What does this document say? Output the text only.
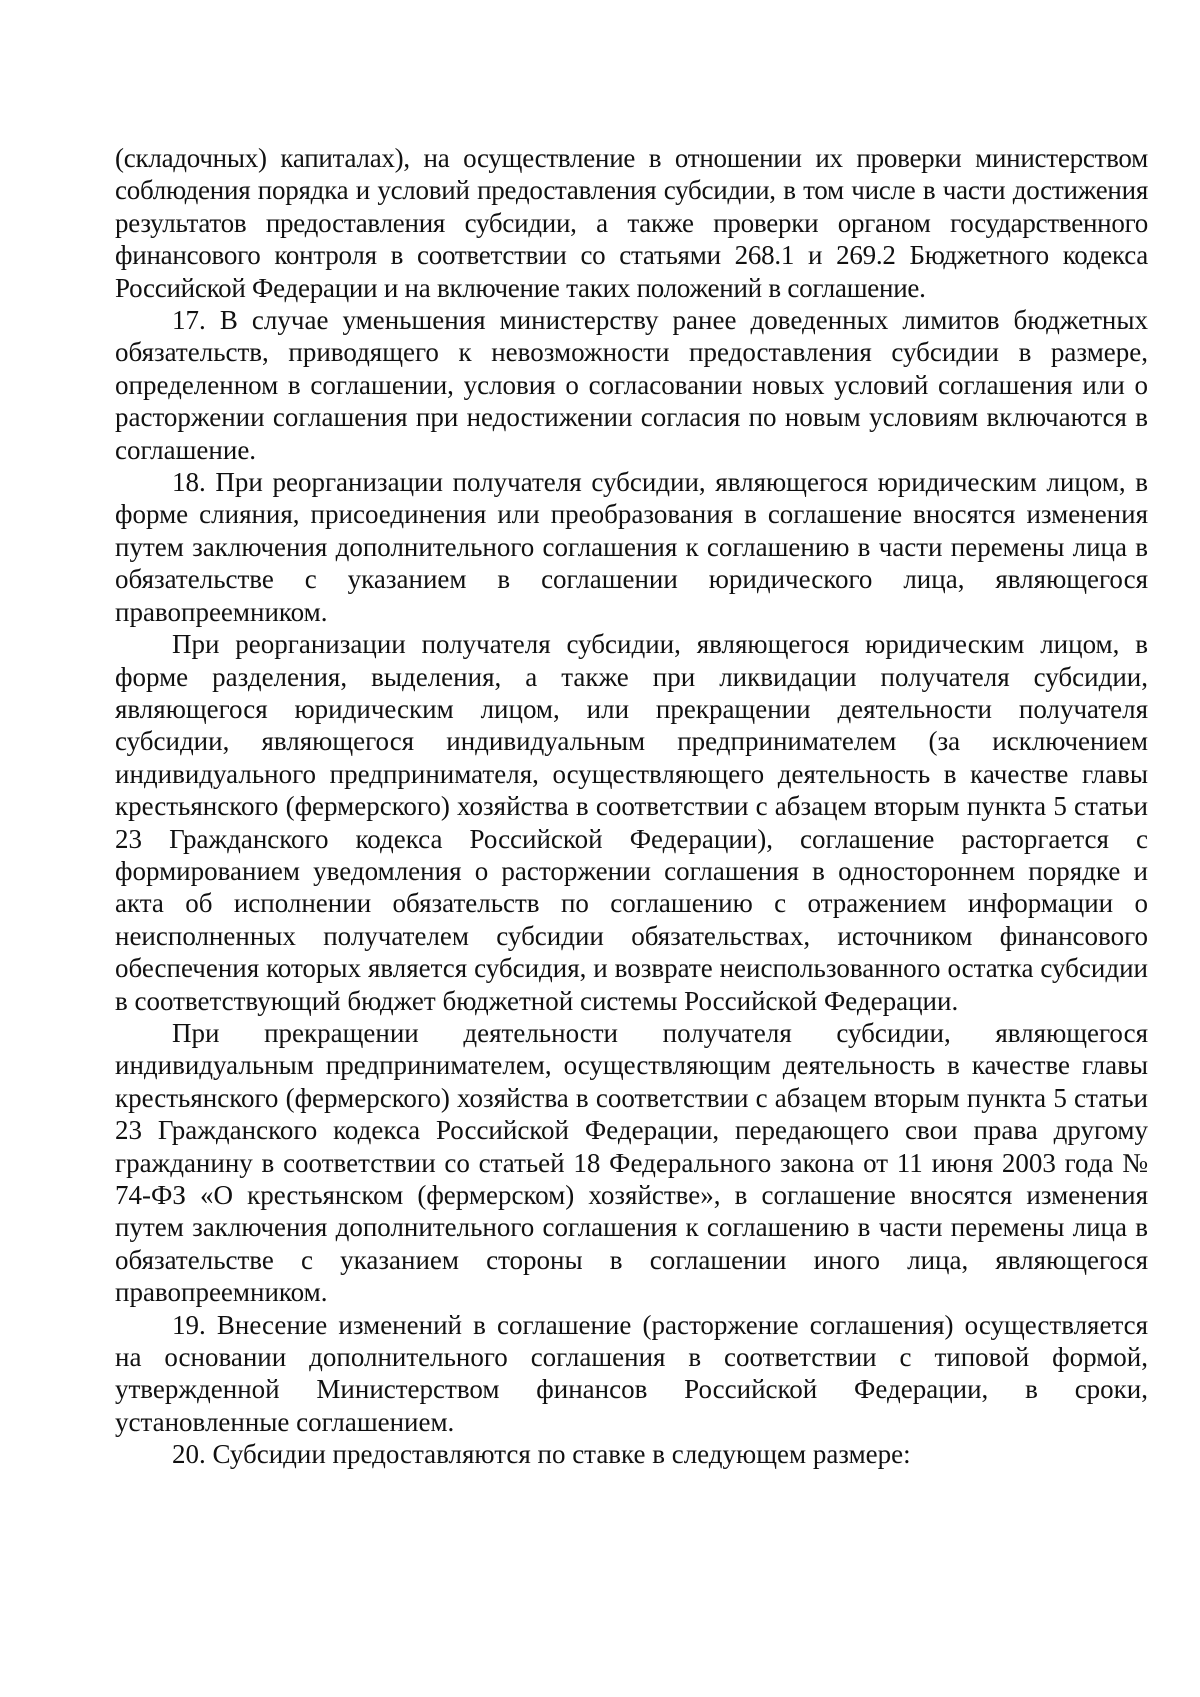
(складочных) капиталах), на осуществление в отношении их проверки министерством соблюдения порядка и условий предоставления субсидии, в том числе в части достижения результатов предоставления субсидии, а также проверки органом государственного финансового контроля в соответствии со статьями 268.1 и 269.2 Бюджетного кодекса Российской Федерации и на включение таких положений в соглашение.

17. В случае уменьшения министерству ранее доведенных лимитов бюджетных обязательств, приводящего к невозможности предоставления субсидии в размере, определенном в соглашении, условия о согласовании новых условий соглашения или о расторжении соглашения при недостижении согласия по новым условиям включаются в соглашение.

18. При реорганизации получателя субсидии, являющегося юридическим лицом, в форме слияния, присоединения или преобразования в соглашение вносятся изменения путем заключения дополнительного соглашения к соглашению в части перемены лица в обязательстве с указанием в соглашении юридического лица, являющегося правопреемником.

При реорганизации получателя субсидии, являющегося юридическим лицом, в форме разделения, выделения, а также при ликвидации получателя субсидии, являющегося юридическим лицом, или прекращении деятельности получателя субсидии, являющегося индивидуальным предпринимателем (за исключением индивидуального предпринимателя, осуществляющего деятельность в качестве главы крестьянского (фермерского) хозяйства в соответствии с абзацем вторым пункта 5 статьи 23 Гражданского кодекса Российской Федерации), соглашение расторгается с формированием уведомления о расторжении соглашения в одностороннем порядке и акта об исполнении обязательств по соглашению с отражением информации о неисполненных получателем субсидии обязательствах, источником финансового обеспечения которых является субсидия, и возврате неиспользованного остатка субсидии в соответствующий бюджет бюджетной системы Российской Федерации.

При прекращении деятельности получателя субсидии, являющегося индивидуальным предпринимателем, осуществляющим деятельность в качестве главы крестьянского (фермерского) хозяйства в соответствии с абзацем вторым пункта 5 статьи 23 Гражданского кодекса Российской Федерации, передающего свои права другому гражданину в соответствии со статьей 18 Федерального закона от 11 июня 2003 года № 74-ФЗ «О крестьянском (фермерском) хозяйстве», в соглашение вносятся изменения путем заключения дополнительного соглашения к соглашению в части перемены лица в обязательстве с указанием стороны в соглашении иного лица, являющегося правопреемником.

19. Внесение изменений в соглашение (расторжение соглашения) осуществляется на основании дополнительного соглашения в соответствии с типовой формой, утвержденной Министерством финансов Российской Федерации, в сроки, установленные соглашением.

20. Субсидии предоставляются по ставке в следующем размере:
